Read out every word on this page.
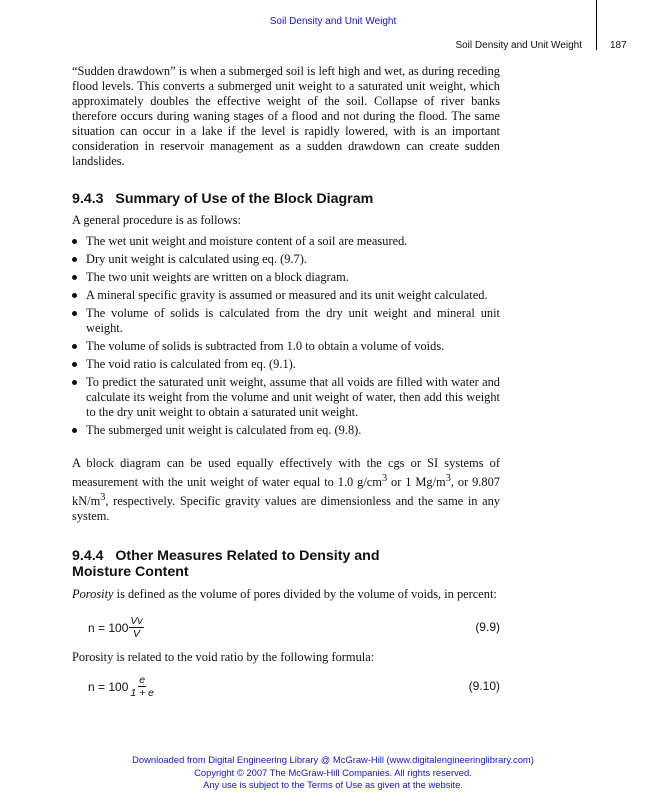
Soil Density and Unit Weight
Soil Density and Unit Weight	187

“Sudden drawdown” is when a submerged soil is left high and wet, as during receding flood levels. This converts a submerged unit weight to a saturated unit weight, which approximately doubles the effective weight of the soil. Collapse of river banks therefore occurs during waning stages of a flood and not during the flood. The same situation can occur in a lake if the level is rapidly lowered, with is an important consideration in reservoir management as a sudden drawdown can create sudden landslides.

9.4.3 Summary of Use of the Block Diagram

A general procedure is as follows:

The wet unit weight and moisture content of a soil are measured.
Dry unit weight is calculated using eq. (9.7).
The two unit weights are written on a block diagram.
A mineral specific gravity is assumed or measured and its unit weight calculated.
The volume of solids is calculated from the dry unit weight and mineral unit weight.
The volume of solids is subtracted from 1.0 to obtain a volume of voids.
The void ratio is calculated from eq. (9.1).
To predict the saturated unit weight, assume that all voids are filled with water and calculate its weight from the volume and unit weight of water, then add this weight to the dry unit weight to obtain a saturated unit weight.
The submerged unit weight is calculated from eq. (9.8).

A block diagram can be used equally effectively with the cgs or SI systems of measurement with the unit weight of water equal to 1.0 $g/cm^3$ or 1 $Mg/m^3$, or 9.807 $kN/m^3$, respectively. Specific gravity values are dimensionless and the same in any system.

9.4.4 Other Measures Related to Density and
Moisture Content

Porosity is defined as the volume of pores divided by the volume of voids, in percent:

$n = 100 \frac{Vv}{V}$	(9.9)

Porosity is related to the void ratio by the following formula:

$n = 100 \frac{e}{1 + e}$	(9.10)
Downloaded from Digital Engineering Library @ McGraw-Hill (www.digitalengineeringlibrary.com)
Copyright © 2007 The McGraw-Hill Companies. All rights reserved.
Any use is subject to the Terms of Use as given at the website.
